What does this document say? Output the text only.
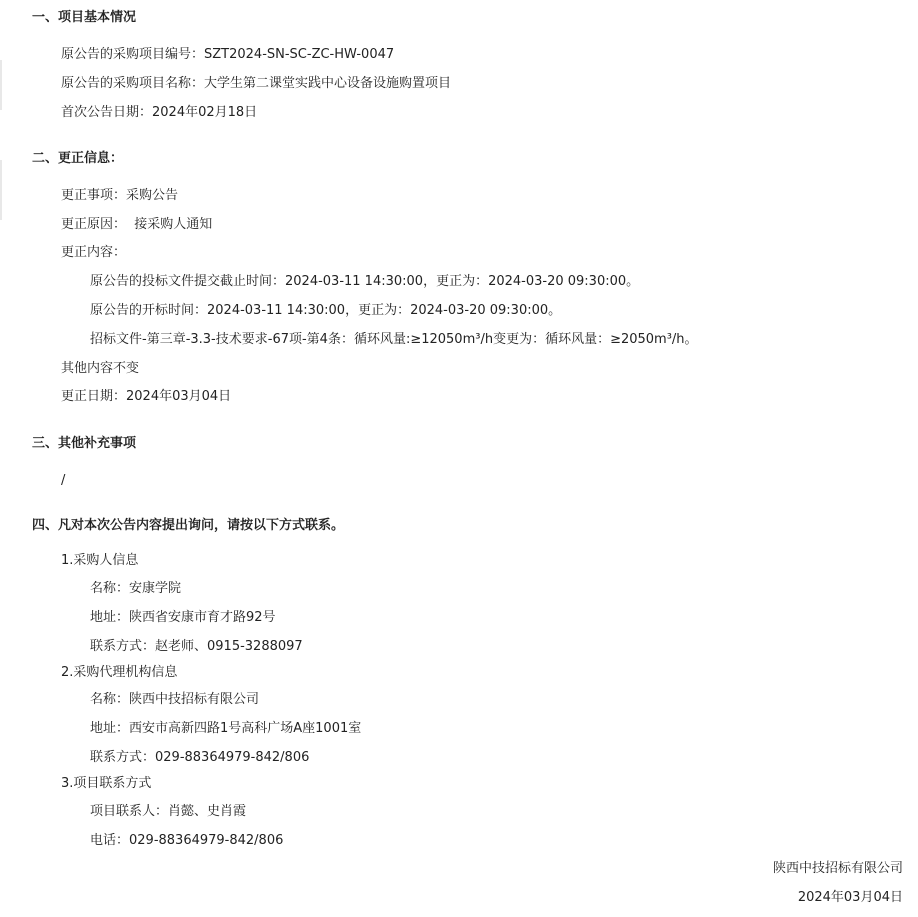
一、项目基本情况
原公告的采购项目编号：SZT2024-SN-SC-ZC-HW-0047
原公告的采购项目名称：大学生第二课堂实践中心设备设施购置项目
首次公告日期：2024年02月18日
二、更正信息：
更正事项：采购公告
更正原因：  接采购人通知
更正内容：
原公告的投标文件提交截止时间：2024-03-11 14:30:00，更正为：2024-03-20 09:30:00。
原公告的开标时间：2024-03-11 14:30:00，更正为：2024-03-20 09:30:00。
招标文件-第三章-3.3-技术要求-67项-第4条：循环风量:≥12050m³/h变更为：循环风量：≥2050m³/h。
其他内容不变
更正日期：2024年03月04日
三、其他补充事项
/
四、凡对本次公告内容提出询问，请按以下方式联系。
1.采购人信息
名称：安康学院
地址：陕西省安康市育才路92号
联系方式：赵老师、0915-3288097
2.采购代理机构信息
名称：陕西中技招标有限公司
地址：西安市高新四路1号高科广场A座1001室
联系方式：029-88364979-842/806
3.项目联系方式
项目联系人：肖懿、史肖霞
电话：029-88364979-842/806
陕西中技招标有限公司
2024年03月04日
